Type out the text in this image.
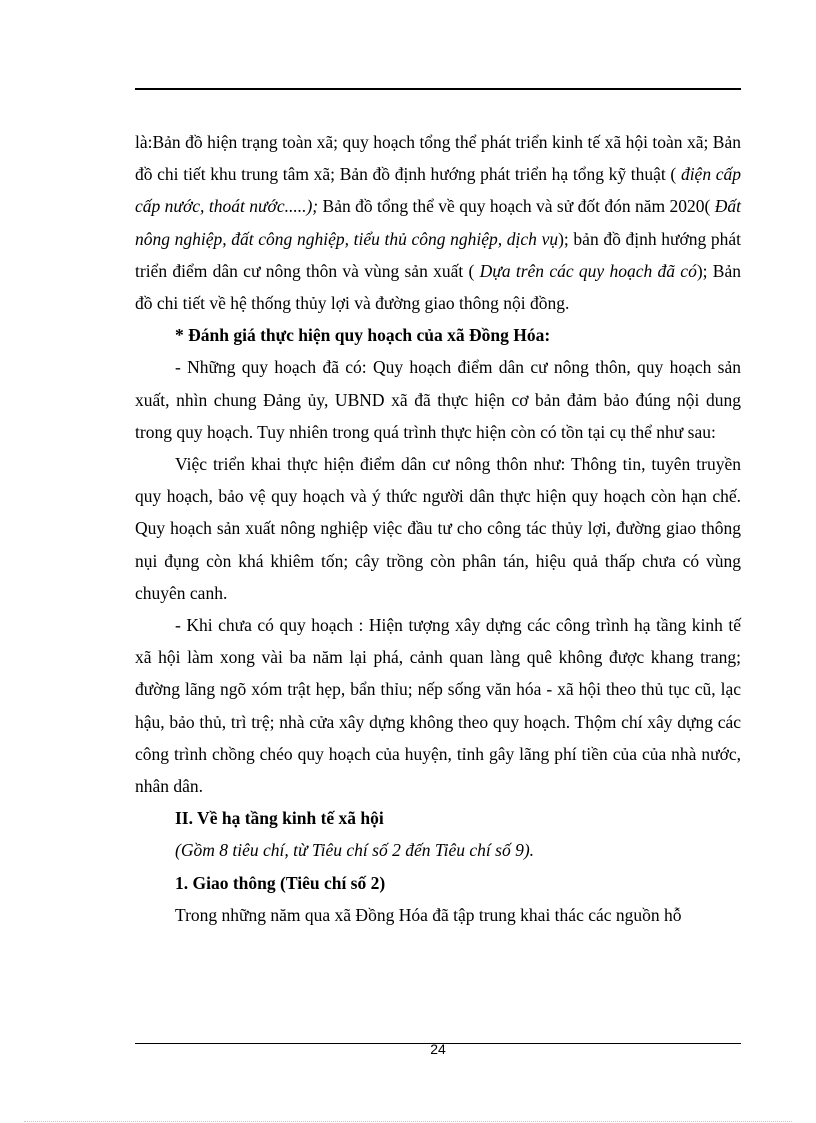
là:Bản đồ hiện trạng toàn xã; quy hoạch tổng thể phát triển kinh tế xã hội toàn xã; Bản đồ chi tiết khu trung tâm xã; Bản đồ định hướng phát triển hạ tổng kỹ thuật ( điện cấp cấp nước, thoát nước.....); Bản đồ tổng thể về quy hoạch và sử đốt đón năm 2020( Đất nông nghiệp, đất công nghiệp, tiểu thủ công nghiệp, dịch vụ); bản đồ định hướng phát triển điểm dân cư nông thôn và vùng sản xuất ( Dựa trên các quy hoạch đã có); Bản đồ chi tiết về hệ thống thủy lợi và đường giao thông nội đồng.

* Đánh giá thực hiện quy hoạch của xã Đồng Hóa:

- Những quy hoạch đã có: Quy hoạch điểm dân cư nông thôn, quy hoạch sản xuất, nhìn chung Đảng ủy, UBND xã đã thực hiện cơ bản đảm bảo đúng nội dung trong quy hoạch. Tuy nhiên trong quá trình thực hiện còn có tồn tại cụ thể như sau:

Việc triển khai thực hiện điểm dân cư nông thôn như: Thông tin, tuyên truyền quy hoạch, bảo vệ quy hoạch và ý thức người dân thực hiện quy hoạch còn hạn chế. Quy hoạch sản xuất nông nghiệp việc đầu tư cho công tác thủy lợi, đường giao thông nụi đụng còn khá khiêm tốn; cây trồng còn phân tán, hiệu quả thấp chưa có vùng chuyên canh.

- Khi chưa có quy hoạch : Hiện tượng xây dựng các công trình hạ tầng kinh tế xã hội làm xong vài ba năm lại phá, cảnh quan làng quê không được khang trang; đường lãng ngõ xóm trật hẹp, bẩn thỉu; nếp sống văn hóa - xã hội theo thủ tục cũ, lạc hậu, bảo thủ, trì trệ; nhà cửa xây dựng không theo quy hoạch. Thộm chí xây dựng các công trình chồng chéo quy hoạch của huyện, tỉnh gây lãng phí tiền của của nhà nước, nhân dân.

II. Về hạ tầng kinh tế xã hội

(Gồm 8 tiêu chí, từ Tiêu chí số 2 đến Tiêu chí số 9).

1. Giao thông (Tiêu chí số 2)

Trong những năm qua xã Đồng Hóa đã tập trung khai thác các nguồn hỗ

24
